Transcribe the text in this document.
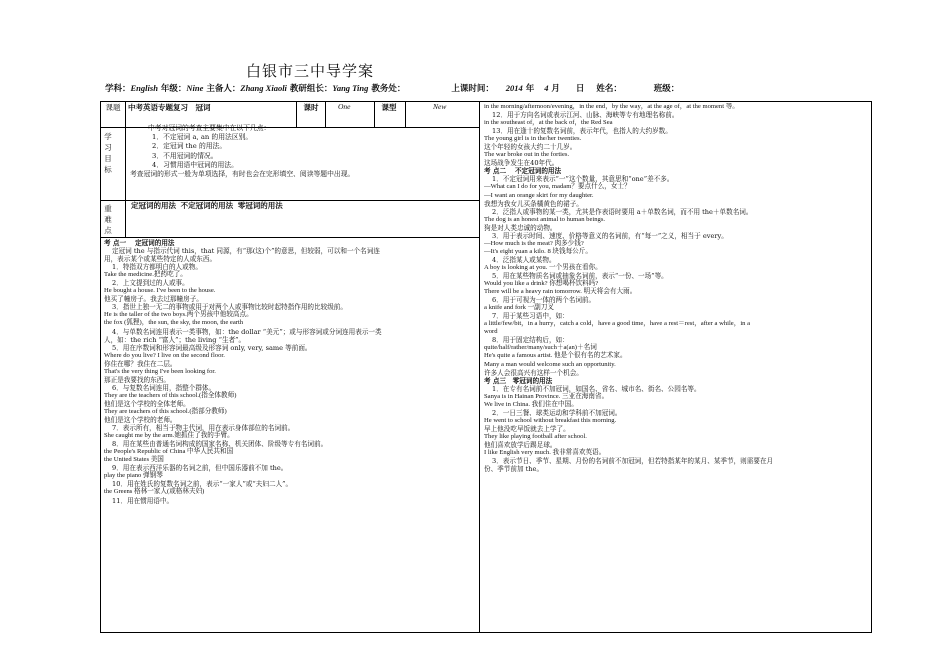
白银市三中导学案
学科：English 年级：Nine 主备人：Zhang Xiaoli 教研组长：Yang Ting 教务处：	上课时间： 2014 年 4 月 日 姓名：	班级：
课题	中考英语专题复习　冠词	课时	One	课型	New
学
习
目
标
中考对冠词的考查主要集中在以下几点：
1．不定冠词 a, an 的用法区别。
2．定冠词 the 的用法。
3．不用冠词的情况。
4．习惯用语中冠词的用法。
考查冠词的形式一般为单项选择，有时也会在完形填空、阅读等题中出现。
重
难
点
定冠词的用法 不定冠词的用法 零冠词的用法
考 点一　 定冠词的用法
定冠词 the 与指示代词 this，that 同源，有“那(这)个”的意思，但较弱，可以和一个名词连
用，表示某个或某些特定的人或东西。
1．特指双方都明白的人或物。
Take the medicine.把药吃了。
2．上文提到过的人或事。
He bought a house. I've been to the house.
他买了幢房子。我去过那幢房子。
3．指世上独一无二的事物或用于对两个人或事物比较时起特指作用的比较级前。
He is the taller of the two boys.两个男孩中他较高点。
the fox (狐狸)，the sun, the sky, the moon, the earth
4．与单数名词连用表示一类事物，如：the dollar “美元”；或与形容词或分词连用表示一类
人，如：the rich “富人”；the living “生者”。
5．用在序数词和形容词最高级及形容词 only, very, same 等前面。
Where do you live? I live on the second floor.
你住在哪？我住在二层。
That's the very thing I've been looking for.
那正是我要找的东西。
6．与复数名词连用，指整个群体。
They are the teachers of this school.(指全体教师)
他们是这个学校的全体老师。
They are teachers of this school.(指部分教师)
他们是这个学校的老师。
7．表示所有，相当于物主代词，用在表示身体部位的名词前。
She caught me by the arm.她抓住了我的手臂。
8．用在某些由普通名词构成的国家名称、机关团体、阶级等专有名词前。
the People's Republic of China 中华人民共和国
the United States 美国
9．用在表示西洋乐器的名词之前，但中国乐器前不加 the。
play the piano 弹钢琴
10．用在姓氏的复数名词之前，表示“一家人”或“夫妇二人”。
the Greens 格林一家人(或格林夫妇)
11．用在惯用语中。
in the morning/afternoon/evening，in the end，by the way，at the age of，at the moment 等。
12．用于方向名词或表示江河、山脉、海峡等专有地理名称前。
in the southeast of，at the back of，the Red Sea
13．用在逢十的复数名词前，表示年代，也指人的大约岁数。
The young girl is in the/her twenties.
这个年轻的女孩大约二十几岁。
The war broke out in the forties.
这场战争发生在40年代。
考 点二　 不定冠词的用法
1．不定冠词用来表示“一”这个数量，其意思和“one”差不多。
—What can I do for you, madam？要点什么，女士？
—I want an orange skirt for my daughter.
我想为我女儿买条橘黄色的裙子。
2．泛指人或事物的某一类，尤其是作表语时要用 a＋单数名词，而不用 the＋单数名词。
The dog is an honest animal to human beings.
狗是对人类忠诚的动物。
3．用于表示时间、速度、价格等意义的名词前，有“每一”之义，相当于 every。
—How much is the meat? 肉多少钱?
—It's eight yuan a kilo. 8 块钱每公斤。
4．泛指某人或某物。
A boy is looking at you. 一个男孩在看你。
5．用在某些物质名词或抽象名词前，表示“一份、一场”等。
Would you like a drink? 你想喝杯饮料吗?
There will be a heavy rain tomorrow. 明天将会有大雨。
6．用于可视为一体的两个名词前。
a knife and fork 一副刀叉
7．用于某些习语中，如：
a little/few/bit，in a hurry，catch a cold，have a good time，have a rest＝rest，after a while，in a
word
8．用于固定结构后，如：
quite/half/rather/many/such＋a(an)＋名词
He's quite a famous artist. 他是个很有名的艺术家。
Many a man would welcome such an opportunity.
许多人会很高兴有这样一个机会。
考 点三　零冠词的用法
1．在专有名词前不加冠词，如国名、省名、城市名、街名、公园名等。
Sanya is in Hainan Province. 三亚在海南省。
We live in China. 我们住在中国。
2．一日三餐、球类运动和学科前不加冠词。
He went to school without breakfast this morning.
早上他没吃早饭就去上学了。
They like playing football after school.
他们喜欢放学后踢足球。
I like English very much. 我非常喜欢英语。
3．表示节日、季节、星期、月份的名词前不加冠词，但若特指某年的某月、某季节，则需要在月
份、季节前加 the。
